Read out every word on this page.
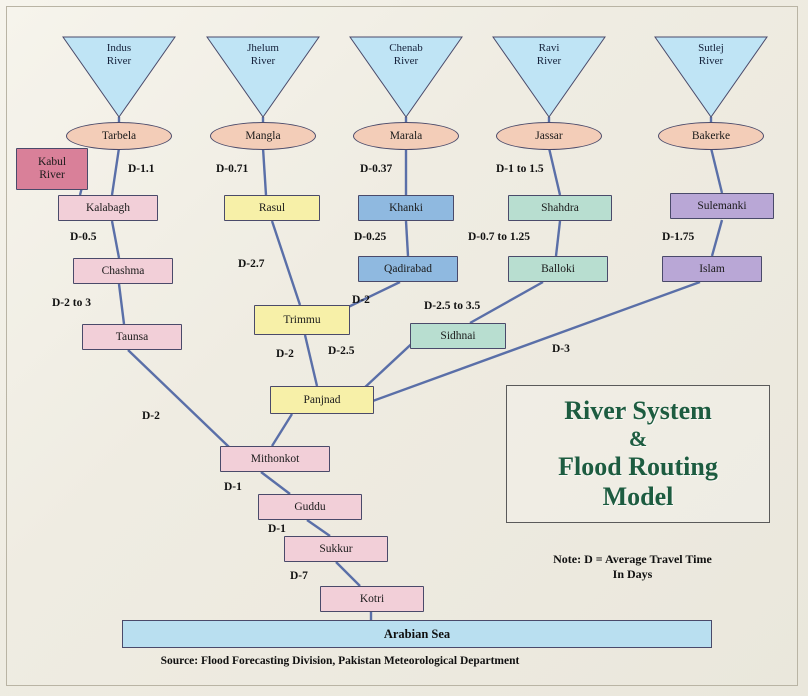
Indus
River
Jhelum
River
Chenab
River
Ravi
River
Sutlej
River
Tarbela	Mangla	Marala	Jassar	Bakerke
Kabul
River
Kalabagh	Rasul	Khanki	Shahdra	Sulemanki
Chashma	Qadirabad	Balloki	Islam
Taunsa
Trimmu
Sidhnai
Panjnad
Mithonkot
Guddu
Sukkur
Kotri
D-1.1	D-0.71	D-0.37	D-1 to 1.5
D-0.5	D-0.25	D-0.7 to 1.25	D-1.75
D-2 to 3
D-2.7
D-2	D-2.5 to 3.5
D-2	D-2.5	D-3
D-2
D-1
D-1
D-7
River System
&
Flood Routing
Model
Note: D = Average Travel Time
In Days
Arabian Sea
Source: Flood Forecasting Division, Pakistan Meteorological Department
